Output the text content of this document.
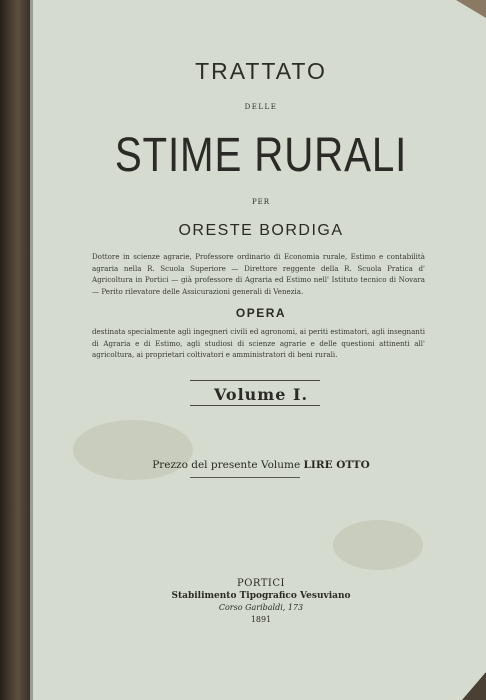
TRATTATO
DELLE
STIME RURALI
PER
ORESTE BORDIGA
Dottore in scienze agrarie, Professore ordinario di Economia rurale, Estimo e contabilità agraria nella R. Scuola Superiore — Direttore reggente della R. Scuola Pratica d' Agricoltura in Portici — già professore di Agraria ed Estimo nell' Istituto tecnico di Novara — Perito rilevatore delle Assicurazioni generali di Venezia.
OPERA
destinata specialmente agli ingegneri civili ed agronomi, ai periti estimatori, agli insegnanti di Agraria e di Estimo, agli studiosi di scienze agrarie e delle questioni attinenti all' agricoltura, ai proprietari coltivatori e amministratori di beni rurali.
Volume I.
Prezzo del presente Volume LIRE OTTO
PORTICI
Stabilimento Tipografico Vesuviano
Corso Garibaldi, 173
1891
